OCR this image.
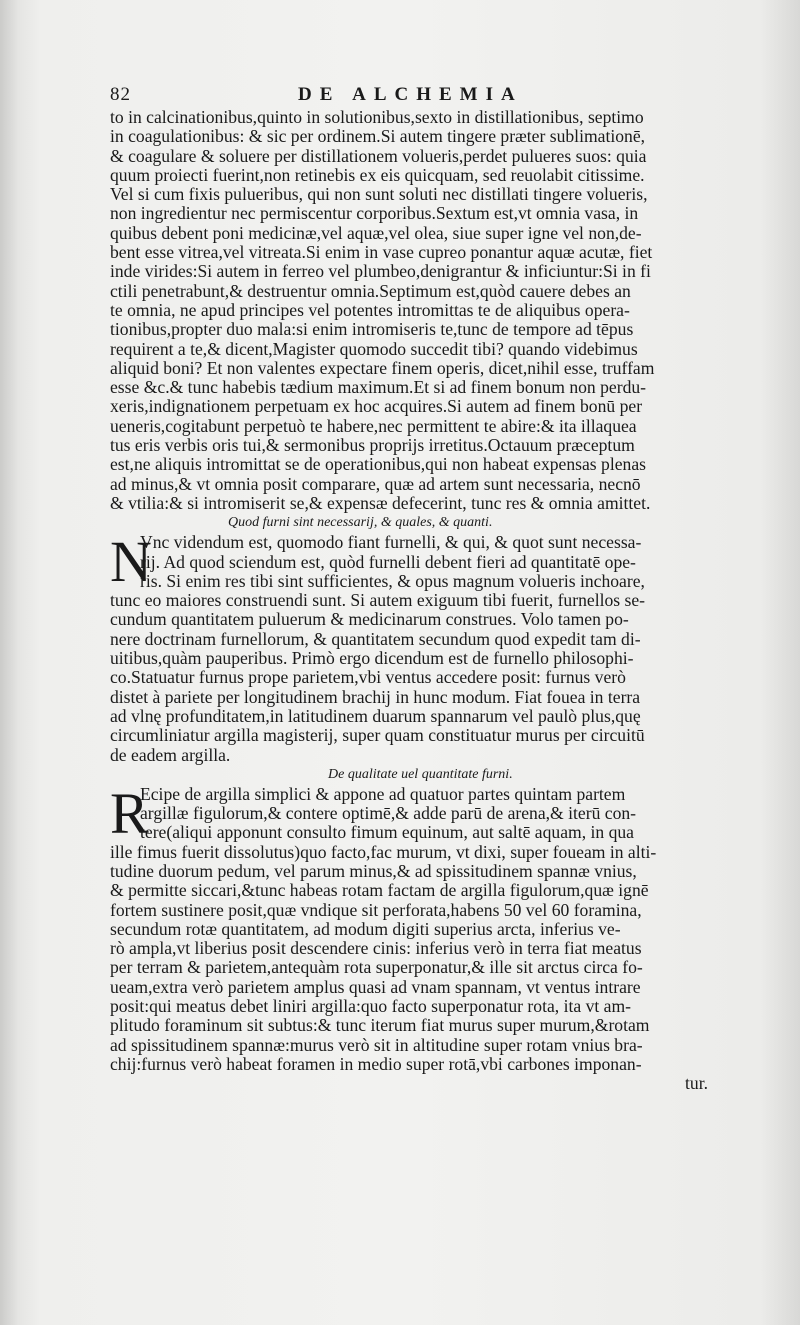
82	DE ALCHEMIA
to in calcinationibus,quinto in solutionibus,sexto in distillationibus, septimo
in coagulationibus: & sic per ordinem.Si autem tingere præter sublimationē,
& coagulare & soluere per distillationem volueris,perdet pulueres suos: quia
quum proiecti fuerint,non retinebis ex eis quicquam, sed reuolabit citissime.
Vel si cum fixis pulueribus, qui non sunt soluti nec distillati tingere volueris,
non ingredientur nec permiscentur corporibus.Sextum est,vt omnia vasa, in
quibus debent poni medicinæ,vel aquæ,vel olea, siue super igne vel non,de-
bent esse vitrea,vel vitreata.Si enim in vase cupreo ponantur aquæ acutæ, fiet
inde virides:Si autem in ferreo vel plumbeo,denigrantur & inficiuntur:Si in fi
ctili penetrabunt,& destruentur omnia.Septimum est,quòd cauere debes an
te omnia, ne apud principes vel potentes intromittas te de aliquibus opera-
tionibus,propter duo mala:si enim intromiseris te,tunc de tempore ad tēpus
requirent a te,& dicent,Magister quomodo succedit tibi? quando videbimus
aliquid boni? Et non valentes expectare finem operis, dicet,nihil esse, truffam
esse &c.& tunc habebis tædium maximum.Et si ad finem bonum non perdu-
xeris,indignationem perpetuam ex hoc acquires.Si autem ad finem bonū per
ueneris,cogitabunt perpetuò te habere,nec permittent te abire:& ita illaquea
tus eris verbis oris tui,& sermonibus proprijs irretitus.Octauum præceptum
est,ne aliquis intromittat se de operationibus,qui non habeat expensas plenas
ad minus,& vt omnia posit comparare, quæ ad artem sunt necessaria, necnō
& vtilia:& si intromiserit se,& expensæ defecerint, tunc res & omnia amittet.
Quod furni sint necessarij, & quales, & quanti.
N
Vnc videndum est, quomodo fiant furnelli, & qui, & quot sunt necessa-
rij. Ad quod sciendum est, quòd furnelli debent fieri ad quantitatē ope-
ris. Si enim res tibi sint sufficientes, & opus magnum volueris inchoare,
tunc eo maiores construendi sunt. Si autem exiguum tibi fuerit, furnellos se-
cundum quantitatem puluerum & medicinarum construes. Volo tamen po-
nere doctrinam furnellorum, & quantitatem secundum quod expedit tam di-
uitibus,quàm pauperibus. Primò ergo dicendum est de furnello philosophi-
co.Statuatur furnus prope parietem,vbi ventus accedere posit: furnus verò
distet à pariete per longitudinem brachij in hunc modum. Fiat fouea in terra
ad vlnę profunditatem,in latitudinem duarum spannarum vel paulò plus,quę
circumliniatur argilla magisterij, super quam constituatur murus per circuitū
de eadem argilla.
De qualitate uel quantitate furni.
R
Ecipe de argilla simplici & appone ad quatuor partes quintam partem
argillæ figulorum,& contere optimē,& adde parū de arena,& iterū con-
tere(aliqui apponunt consulto fimum equinum, aut saltē aquam, in qua
ille fimus fuerit dissolutus)quo facto,fac murum, vt dixi, super foueam in alti-
tudine duorum pedum, vel parum minus,& ad spissitudinem spannæ vnius,
& permitte siccari,&tunc habeas rotam factam de argilla figulorum,quæ ignē
fortem sustinere posit,quæ vndique sit perforata,habens 50 vel 60 foramina,
secundum rotæ quantitatem, ad modum digiti superius arcta, inferius ve-
rò ampla,vt liberius posit descendere cinis: inferius verò in terra fiat meatus
per terram & parietem,antequàm rota superponatur,& ille sit arctus circa fo-
ueam,extra verò parietem amplus quasi ad vnam spannam, vt ventus intrare
posit:qui meatus debet liniri argilla:quo facto superponatur rota, ita vt am-
plitudo foraminum sit subtus:& tunc iterum fiat murus super murum,&rotam
ad spissitudinem spannæ:murus verò sit in altitudine super rotam vnius bra-
chij:furnus verò habeat foramen in medio super rotā,vbi carbones imponan-
tur.
